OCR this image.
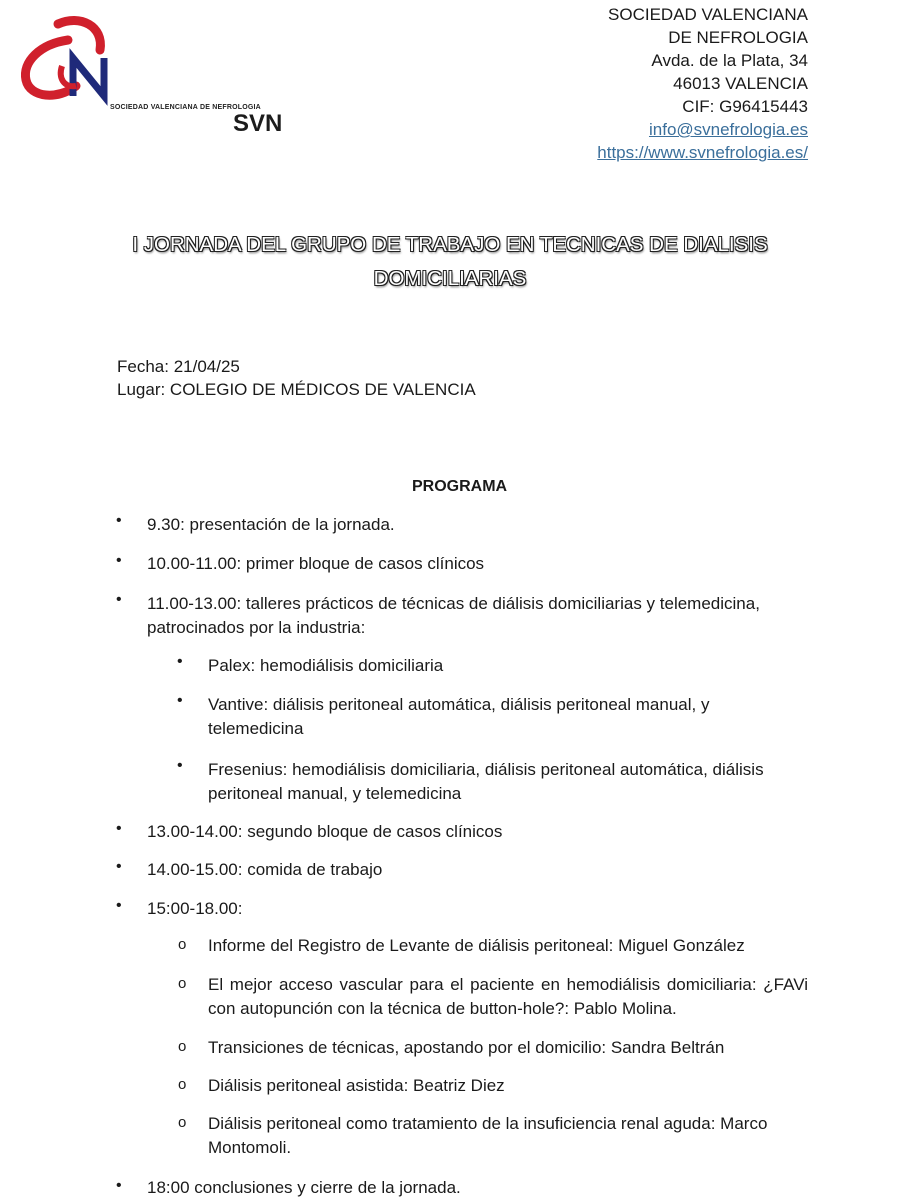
SOCIEDAD VALENCIANA DE NEFROLOGIA
SVN
SOCIEDAD VALENCIANA
DE NEFROLOGIA
Avda. de la Plata, 34
46013 VALENCIA
CIF: G96415443
info@svnefrologia.es
https://www.svnefrologia.es/
I JORNADA DEL GRUPO DE TRABAJO EN TECNICAS DE DIALISIS
DOMICILIARIAS
Fecha: 21/04/25
Lugar: COLEGIO DE MÉDICOS DE VALENCIA
PROGRAMA
• 9.30: presentación de la jornada.
• 10.00-11.00: primer bloque de casos clínicos
• 11.00-13.00: talleres prácticos de técnicas de diálisis domiciliarias y telemedicina, patrocinados por la industria:
• Palex: hemodiálisis domiciliaria
• Vantive: diálisis peritoneal automática, diálisis peritoneal manual, y telemedicina
• Fresenius: hemodiálisis domiciliaria, diálisis peritoneal automática, diálisis peritoneal manual, y telemedicina
• 13.00-14.00: segundo bloque de casos clínicos
• 14.00-15.00: comida de trabajo
• 15:00-18.00:
o Informe del Registro de Levante de diálisis peritoneal: Miguel González
o El mejor acceso vascular para el paciente en hemodiálisis domiciliaria: ¿FAVi con autopunción con la técnica de button-hole?: Pablo Molina.
o Transiciones de técnicas, apostando por el domicilio: Sandra Beltrán
o Diálisis peritoneal asistida: Beatriz Diez
o Diálisis peritoneal como tratamiento de la insuficiencia renal aguda: Marco Montomoli.
• 18:00 conclusiones y cierre de la jornada.
